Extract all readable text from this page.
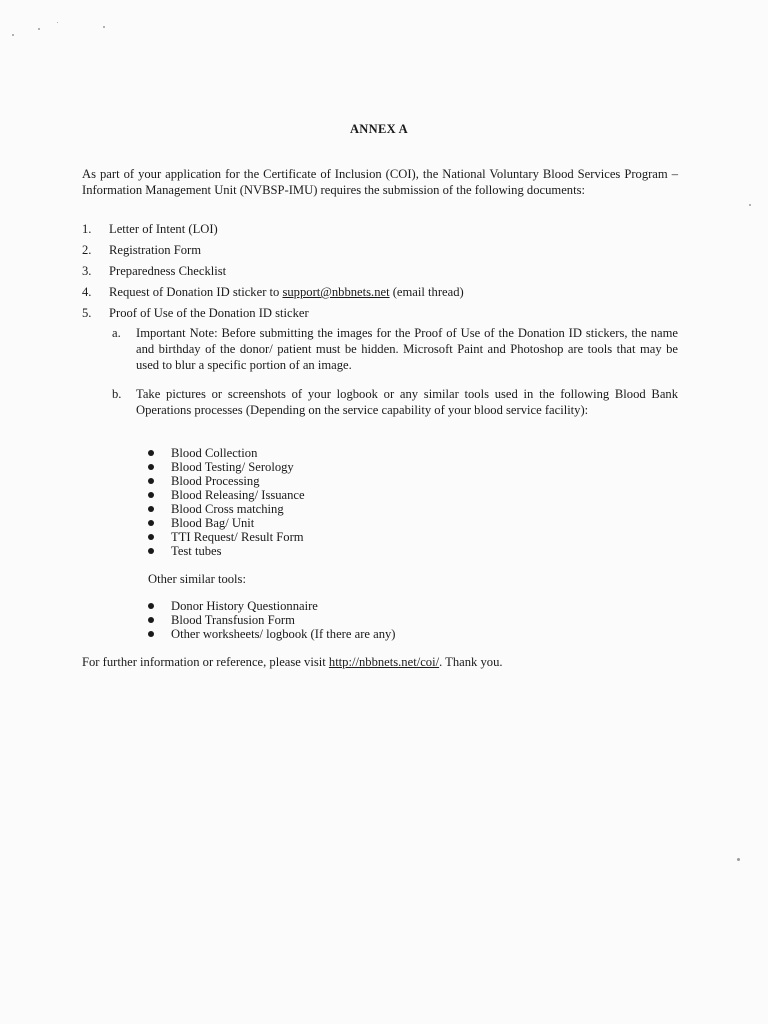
ANNEX A
As part of your application for the Certificate of Inclusion (COI), the National Voluntary Blood Services Program – Information Management Unit (NVBSP-IMU) requires the submission of the following documents:
1. Letter of Intent (LOI)
2. Registration Form
3. Preparedness Checklist
4. Request of Donation ID sticker to support@nbbnets.net (email thread)
5. Proof of Use of the Donation ID sticker
a.	Important Note: Before submitting the images for the Proof of Use of the Donation ID stickers, the name and birthday of the donor/ patient must be hidden. Microsoft Paint and Photoshop are tools that may be used to blur a specific portion of an image.
b.	Take pictures or screenshots of your logbook or any similar tools used in the following Blood Bank Operations processes (Depending on the service capability of your blood service facility):
Blood Collection
Blood Testing/ Serology
Blood Processing
Blood Releasing/ Issuance
Blood Cross matching
Blood Bag/ Unit
TTI Request/ Result Form
Test tubes
Other similar tools:
Donor History Questionnaire
Blood Transfusion Form
Other worksheets/ logbook (If there are any)
For further information or reference, please visit http://nbbnets.net/coi/. Thank you.
